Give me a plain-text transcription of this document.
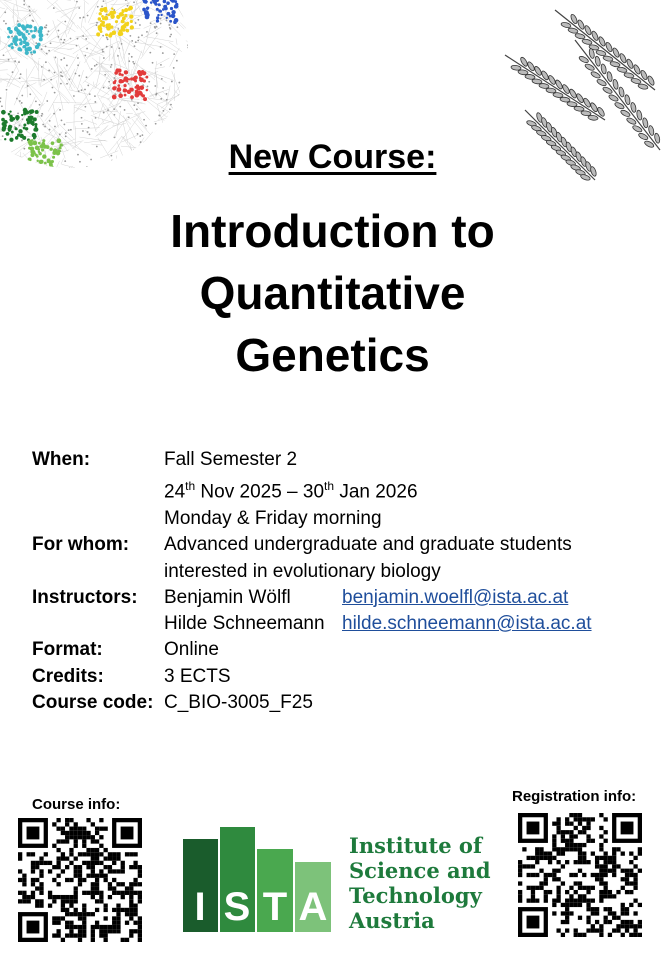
New Course:
Introduction to
Quantitative
Genetics
When:	Fall Semester 2
24th Nov 2025 – 30th Jan 2026
Monday & Friday morning
For whom:	Advanced undergraduate and graduate students
interested in evolutionary biology
Instructors:	Benjamin Wölfl	benjamin.woelfl@ista.ac.at
Hilde Schneemann hilde.schneemann@ista.ac.at
Format:	Online
Credits:	3 ECTS
Course code: C_BIO-3005_F25
Course info:	Registration info:
I S T A
Institute of
Science and
Technology
Austria
